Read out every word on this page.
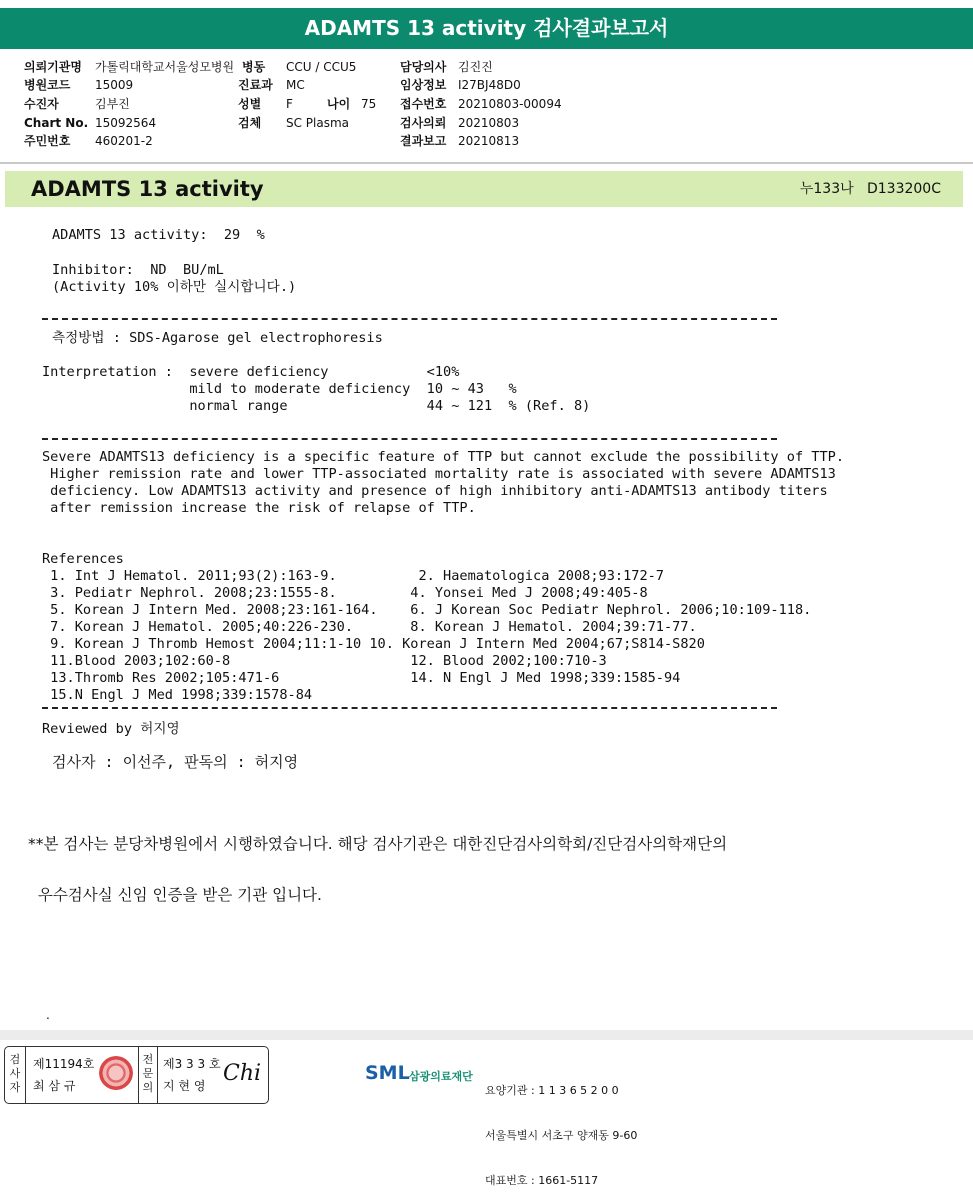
ADAMTS 13 activity 검사결과보고서
의뢰기관명 가톨릭대학교서울성모병원 병동 CCU / CCU5	담당의사 김진진
병원코드 15009	진료과 MC	임상정보 I27BJ48D0
수진자	김부진	성별 F	나이 75 접수번호 20210803-00094
Chart No. 15092564	검체 SC Plasma	검사의뢰 20210803
주민번호 460201-2	결과보고 20210813
ADAMTS 13 activity	누133나   D133200C
ADAMTS 13 activity:  29  %
Inhibitor:  ND  BU/mL
(Activity 10% 이하만 실시합니다.)
측정방법 : SDS-Agarose gel electrophoresis
Interpretation :  severe deficiency            <10%
mild to moderate deficiency  10 ~ 43   %
normal range                 44 ~ 121  % (Ref. 8)
Severe ADAMTS13 deficiency is a specific feature of TTP but cannot exclude the possibility of TTP.
Higher remission rate and lower TTP-associated mortality rate is associated with severe ADAMTS13
deficiency. Low ADAMTS13 activity and presence of high inhibitory anti-ADAMTS13 antibody titers
after remission increase the risk of relapse of TTP.
References
1. Int J Hematol. 2011;93(2):163-9.          2. Haematologica 2008;93:172-7
3. Pediatr Nephrol. 2008;23:1555-8.         4. Yonsei Med J 2008;49:405-8
5. Korean J Intern Med. 2008;23:161-164.    6. J Korean Soc Pediatr Nephrol. 2006;10:109-118.
7. Korean J Hematol. 2005;40:226-230.       8. Korean J Hematol. 2004;39:71-77.
9. Korean J Thromb Hemost 2004;11:1-10 10. Korean J Intern Med 2004;67;S814-S820
11.Blood 2003;102:60-8                      12. Blood 2002;100:710-3
13.Thromb Res 2002;105:471-6                14. N Engl J Med 1998;339:1585-94
15.N Engl J Med 1998;339:1578-84
Reviewed by 허지영
검사자 : 이선주, 판독의 : 허지영

**본 검사는 분당차병원에서 시행하였습니다. 해당 검사기관은 대한진단검사의학회/진단검사의학재단의

우수검사실 신임 인증을 받은 기관 입니다.

.
검
사
자
제11194호
최 삼 규
전
문
의
제3 3 3 호
지 현 영 Chi	SML 삼광의료재단

요양기관 : 1 1 3 6 5 2 0 0

서울특별시 서초구 양재동 9-60

대표번호 : 1661-5117
